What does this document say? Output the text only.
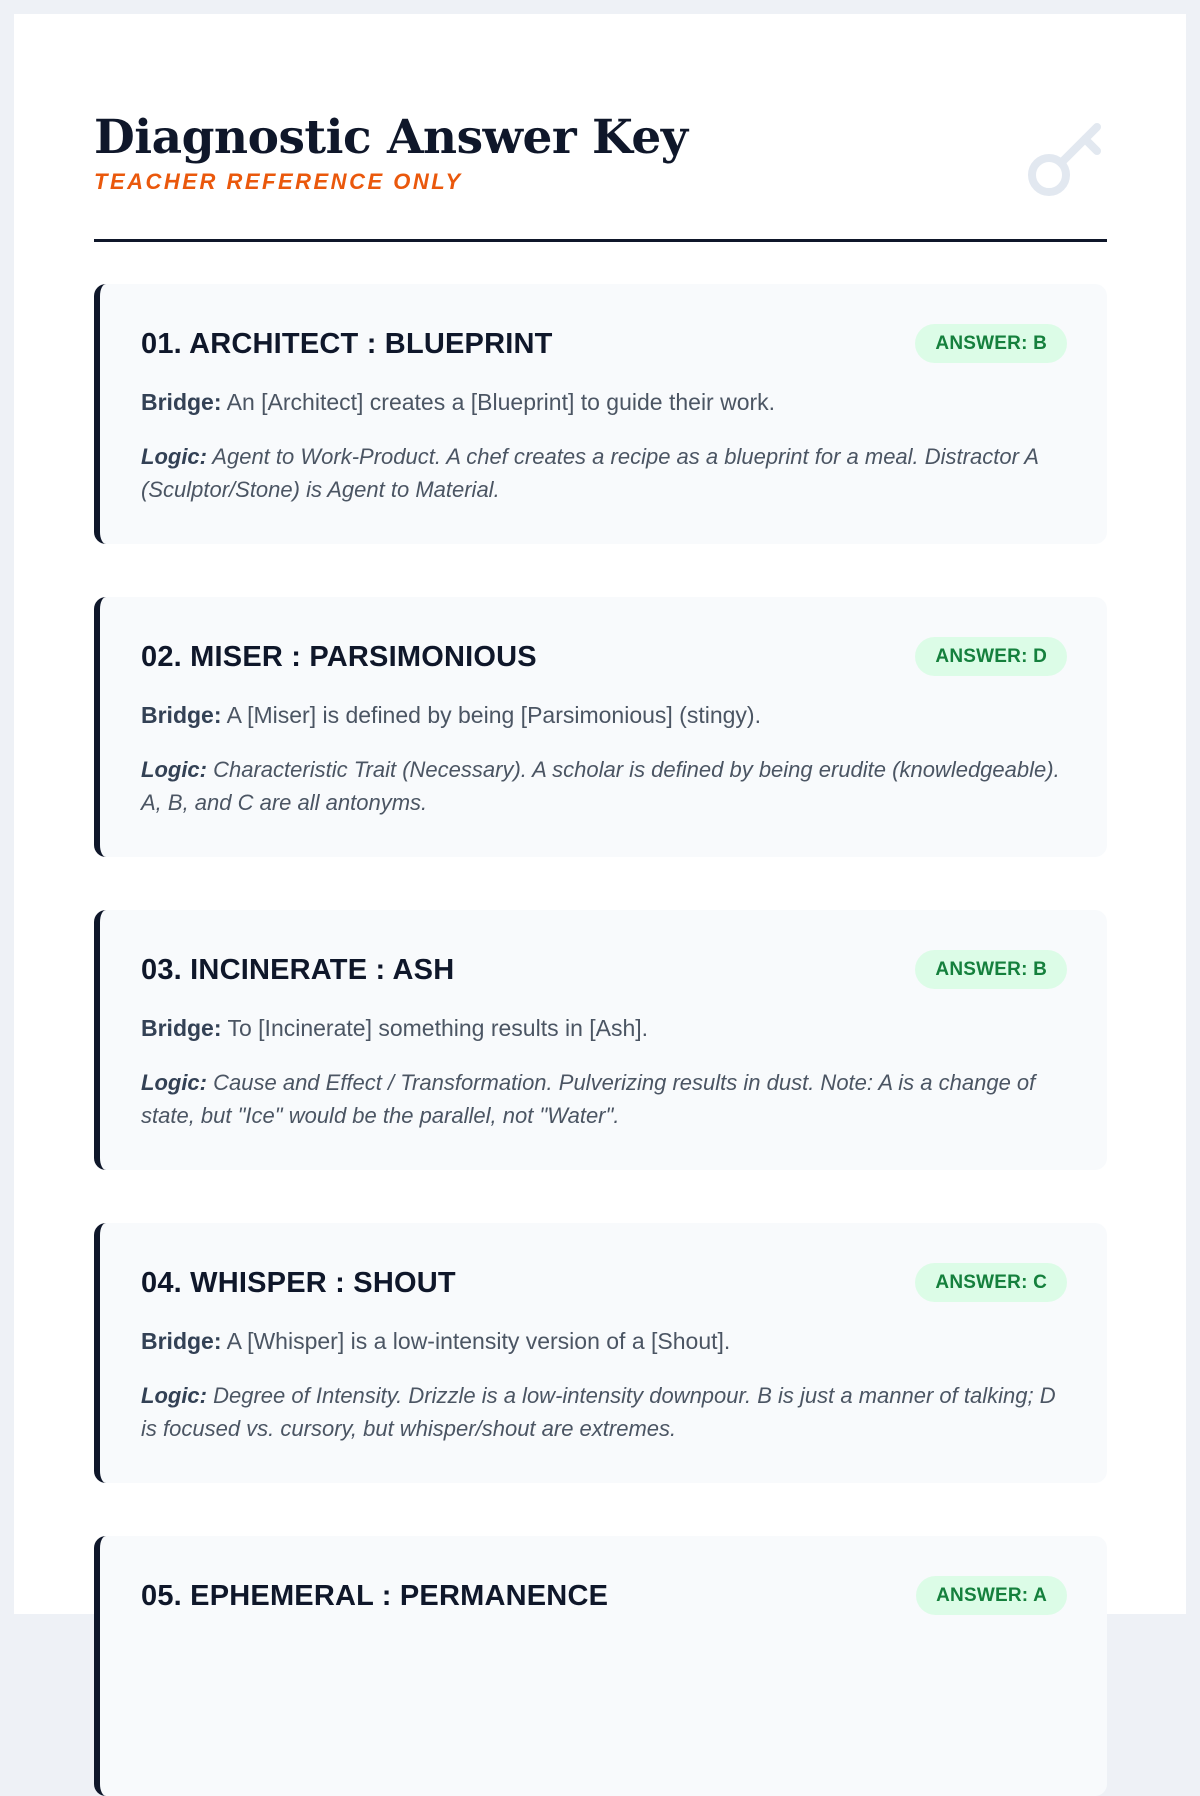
Diagnostic Answer Key
TEACHER REFERENCE ONLY
01. ARCHITECT : BLUEPRINT	ANSWER: B
Bridge: An [Architect] creates a [Blueprint] to guide their work.
Logic: Agent to Work-Product. A chef creates a recipe as a blueprint for a meal. Distractor A (Sculptor/Stone) is Agent to Material.
02. MISER : PARSIMONIOUS	ANSWER: D
Bridge: A [Miser] is defined by being [Parsimonious] (stingy).
Logic: Characteristic Trait (Necessary). A scholar is defined by being erudite (knowledgeable). A, B, and C are all antonyms.
03. INCINERATE : ASH	ANSWER: B
Bridge: To [Incinerate] something results in [Ash].
Logic: Cause and Effect / Transformation. Pulverizing results in dust. Note: A is a change of state, but "Ice" would be the parallel, not "Water".
04. WHISPER : SHOUT	ANSWER: C
Bridge: A [Whisper] is a low-intensity version of a [Shout].
Logic: Degree of Intensity. Drizzle is a low-intensity downpour. B is just a manner of talking; D is focused vs. cursory, but whisper/shout are extremes.
05. EPHEMERAL : PERMANENCE	ANSWER: A
